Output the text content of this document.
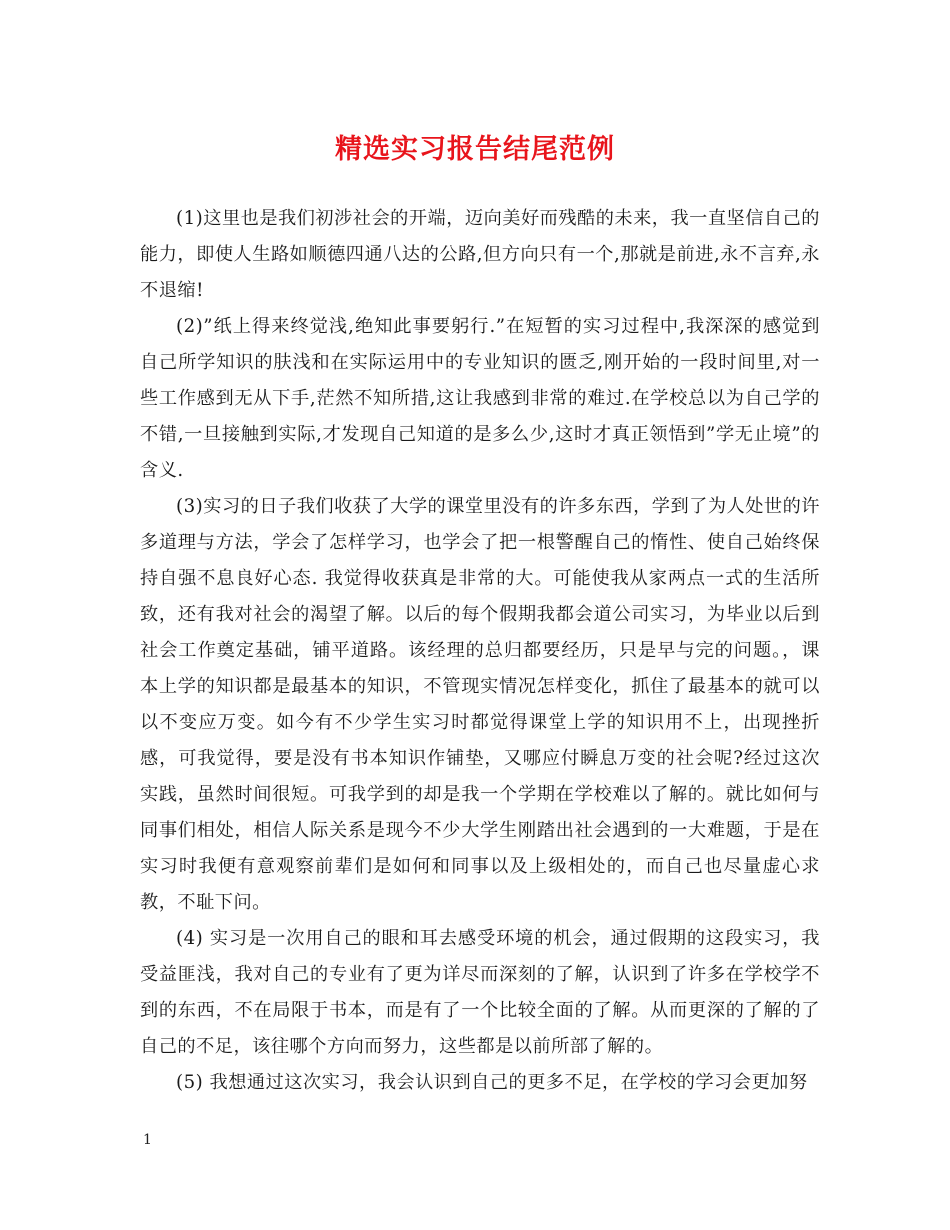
精选实习报告结尾范例

(1)这里也是我们初涉社会的开端，迈向美好而残酷的未来，我一直坚信自己的能力，即使人生路如顺德四通八达的公路,但方向只有一个,那就是前进,永不言弃,永不退缩!

(2)”纸上得来终觉浅,绝知此事要躬行.”在短暂的实习过程中,我深深的感觉到自己所学知识的肤浅和在实际运用中的专业知识的匮乏,刚开始的一段时间里,对一些工作感到无从下手,茫然不知所措,这让我感到非常的难过.在学校总以为自己学的不错,一旦接触到实际,才发现自己知道的是多么少,这时才真正领悟到”学无止境”的含义.

(3)实习的日子我们收获了大学的课堂里没有的许多东西，学到了为人处世的许多道理与方法，学会了怎样学习，也学会了把一根警醒自己的惰性、使自己始终保持自强不息良好心态. 我觉得收获真是非常的大。可能使我从家两点一式的生活所致，还有我对社会的渴望了解。以后的每个假期我都会道公司实习，为毕业以后到社会工作奠定基础，铺平道路。该经理的总归都要经历，只是早与完的问题。，课本上学的知识都是最基本的知识，不管现实情况怎样变化，抓住了最基本的就可以以不变应万变。如今有不少学生实习时都觉得课堂上学的知识用不上，出现挫折感，可我觉得，要是没有书本知识作铺垫，又哪应付瞬息万变的社会呢?经过这次实践，虽然时间很短。可我学到的却是我一个学期在学校难以了解的。就比如何与同事们相处，相信人际关系是现今不少大学生刚踏出社会遇到的一大难题，于是在实习时我便有意观察前辈们是如何和同事以及上级相处的，而自己也尽量虚心求教，不耻下问。

(4) 实习是一次用自己的眼和耳去感受环境的机会，通过假期的这段实习，我受益匪浅，我对自己的专业有了更为详尽而深刻的了解，认识到了许多在学校学不到的东西，不在局限于书本，而是有了一个比较全面的了解。从而更深的了解的了自己的不足，该往哪个方向而努力，这些都是以前所部了解的。

(5) 我想通过这次实习，我会认识到自己的更多不足，在学校的学习会更加努

1
